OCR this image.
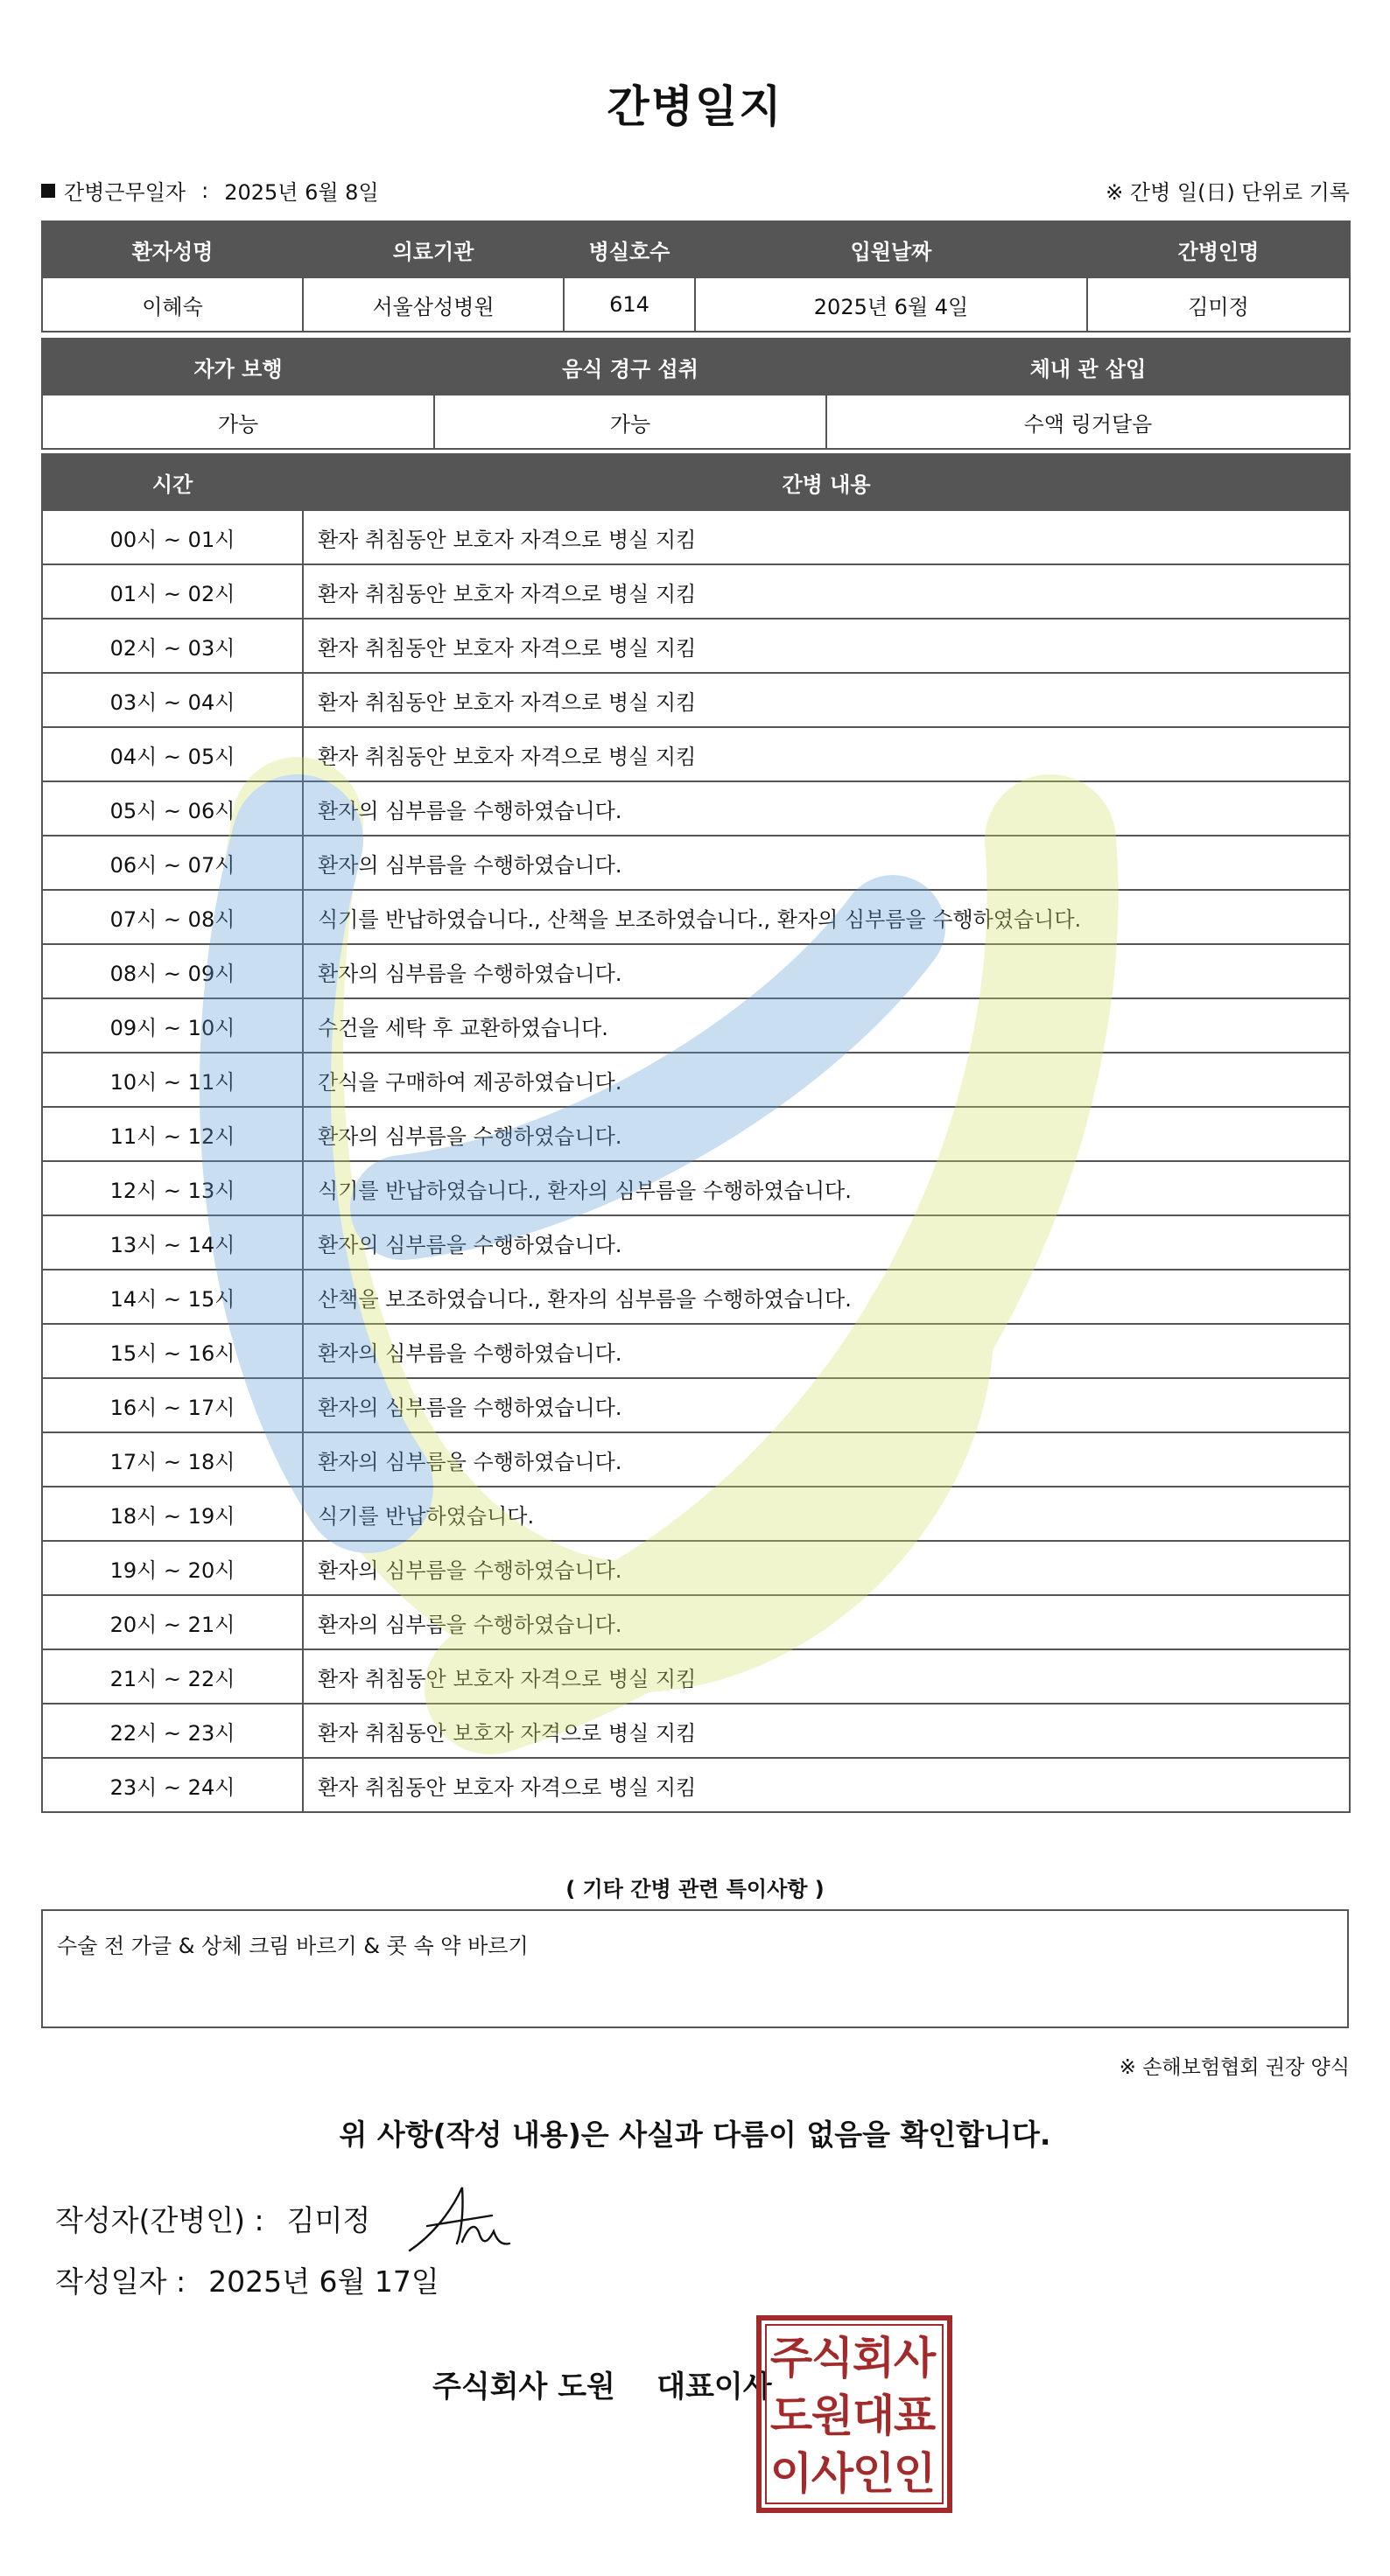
간병일지
간병근무일자 : 2025년 6월 8일	※ 간병 일(日) 단위로 기록
환자성명	의료기관	병실호수	입원날짜	간병인명
이혜숙	서울삼성병원	614	2025년 6월 4일	김미정
자가 보행	음식 경구 섭취	체내 관 삽입
가능	가능	수액 링거달음
시간	간병 내용
00시 ~ 01시	환자 취침동안 보호자 자격으로 병실 지킴
01시 ~ 02시	환자 취침동안 보호자 자격으로 병실 지킴
02시 ~ 03시	환자 취침동안 보호자 자격으로 병실 지킴
03시 ~ 04시	환자 취침동안 보호자 자격으로 병실 지킴
04시 ~ 05시	환자 취침동안 보호자 자격으로 병실 지킴
05시 ~ 06시	환자의 심부름을 수행하였습니다.
06시 ~ 07시	환자의 심부름을 수행하였습니다.
07시 ~ 08시	식기를 반납하였습니다., 산책을 보조하였습니다., 환자의 심부름을 수행하였습니다.
08시 ~ 09시	환자의 심부름을 수행하였습니다.
09시 ~ 10시	수건을 세탁 후 교환하였습니다.
10시 ~ 11시	간식을 구매하여 제공하였습니다.
11시 ~ 12시	환자의 심부름을 수행하였습니다.
12시 ~ 13시	식기를 반납하였습니다., 환자의 심부름을 수행하였습니다.
13시 ~ 14시	환자의 심부름을 수행하였습니다.
14시 ~ 15시	산책을 보조하였습니다., 환자의 심부름을 수행하였습니다.
15시 ~ 16시	환자의 심부름을 수행하였습니다.
16시 ~ 17시	환자의 심부름을 수행하였습니다.
17시 ~ 18시	환자의 심부름을 수행하였습니다.
18시 ~ 19시	식기를 반납하였습니다.
19시 ~ 20시	환자의 심부름을 수행하였습니다.
20시 ~ 21시	환자의 심부름을 수행하였습니다.
21시 ~ 22시	환자 취침동안 보호자 자격으로 병실 지킴
22시 ~ 23시	환자 취침동안 보호자 자격으로 병실 지킴
23시 ~ 24시	환자 취침동안 보호자 자격으로 병실 지킴
( 기타 간병 관련 특이사항 )
수술 전 가글 & 상체 크림 바르기 & 콧 속 약 바르기
※ 손해보험협회 권장 양식
위 사항(작성 내용)은 사실과 다름이 없음을 확인합니다.
작성자(간병인) : 김미정
작성일자 : 2025년 6월 17일
주식회사 도원    대표이사
주
식
회
사
도
원
대
표
이
사
인
인
